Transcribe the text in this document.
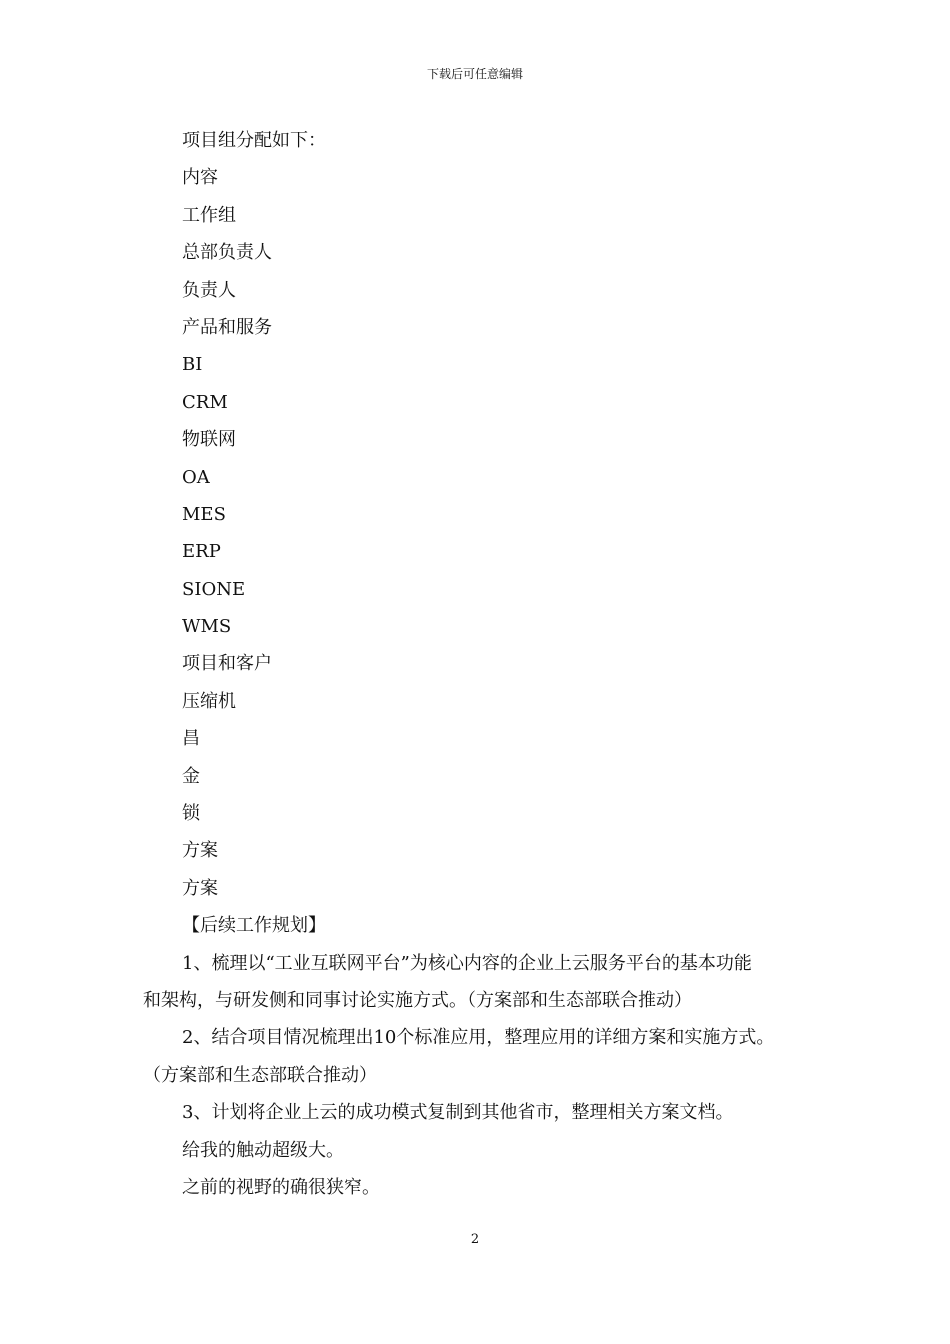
下载后可任意编辑
项目组分配如下：
内容
工作组
总部负责人
负责人
产品和服务
BI
CRM
物联网
OA
MES
ERP
SIONE
WMS
项目和客户
压缩机
昌
金
锁
方案
方案
【后续工作规划】
1、梳理以“工业互联网平台”为核心内容的企业上云服务平台的基本功能
和架构，与研发侧和同事讨论实施方式。（方案部和生态部联合推动）
2、结合项目情况梳理出10个标准应用，整理应用的详细方案和实施方式。
（方案部和生态部联合推动）
3、计划将企业上云的成功模式复制到其他省市，整理相关方案文档。
给我的触动超级大。
之前的视野的确很狭窄。
2
